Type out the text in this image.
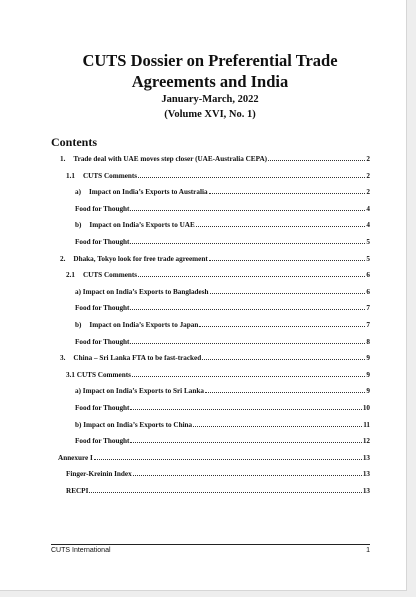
CUTS Dossier on Preferential Trade
Agreements and India
January-March, 2022
(Volume XVI, No. 1)
Contents
1. Trade deal with UAE moves step closer (UAE-Australia CEPA)	2
1.1 CUTS Comments	2
a) Impact on India’s Exports to Australia	2
Food for Thought	4
b) Impact on India’s Exports to UAE	4
Food for Thought	5
2. Dhaka, Tokyo look for free trade agreement	5
2.1 CUTS Comments	6
a) Impact on India’s Exports to Bangladesh	6
Food for Thought	7
b) Impact on India’s Exports to Japan	7
Food for Thought	8
3. China – Sri Lanka FTA to be fast-tracked	9
3.1 CUTS Comments	9
a) Impact on India’s Exports to Sri Lanka	9
Food for Thought	10
b) Impact on India’s Exports to China	11
Food for Thought	12
Annexure I	13
Finger-Kreinin Index	13
RECPI	13
CUTS International	1
